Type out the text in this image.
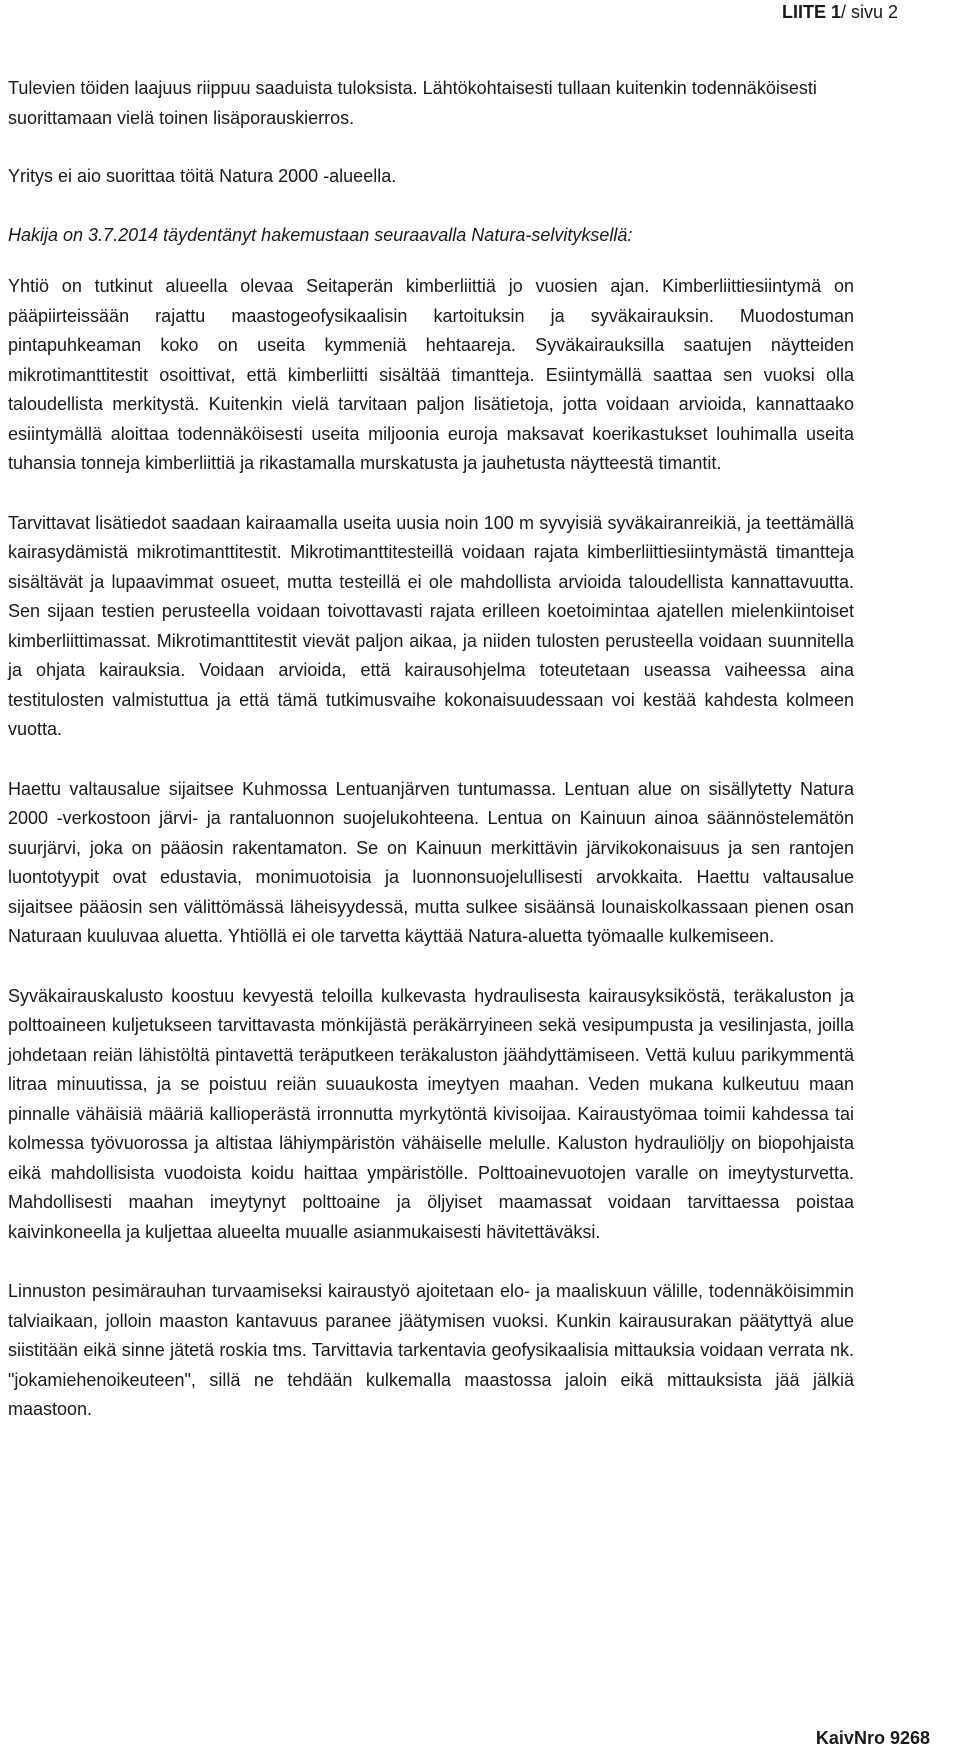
LIITE 1/ sivu 2

Tulevien töiden laajuus riippuu saaduista tuloksista. Lähtökohtaisesti tullaan kuitenkin todennäköisesti suorittamaan vielä toinen lisäporauskierros.

Yritys ei aio suorittaa töitä Natura 2000 -alueella.

Hakija on 3.7.2014 täydentänyt hakemustaan seuraavalla Natura-selvityksellä:

Yhtiö on tutkinut alueella olevaa Seitaperän kimberliittiä jo vuosien ajan. Kimberliittiesiintymä on pääpiirteissään rajattu maastogeofysikaalisin kartoituksin ja syväkairauksin. Muodostuman pintapuhkeaman koko on useita kymmeniä hehtaareja. Syväkairauksilla saatujen näytteiden mikrotimanttitestit osoittivat, että kimberliitti sisältää timantteja. Esiintymällä saattaa sen vuoksi olla taloudellista merkitystä. Kuitenkin vielä tarvitaan paljon lisätietoja, jotta voidaan arvioida, kannattaako esiintymällä aloittaa todennäköisesti useita miljoonia euroja maksavat koerikastukset louhimalla useita tuhansia tonneja kimberliittiä ja rikastamalla murskatusta ja jauhetusta näytteestä timantit.

Tarvittavat lisätiedot saadaan kairaamalla useita uusia noin 100 m syvyisiä syväkairanreikiä, ja teettämällä kairasydämistä mikrotimanttitestit. Mikrotimanttitesteillä voidaan rajata kimberliittiesiintymästä timantteja sisältävät ja lupaavimmat osueet, mutta testeillä ei ole mahdollista arvioida taloudellista kannattavuutta. Sen sijaan testien perusteella voidaan toivottavasti rajata erilleen koetoimintaa ajatellen mielenkiintoiset kimberliittimassat. Mikrotimanttitestit vievät paljon aikaa, ja niiden tulosten perusteella voidaan suunnitella ja ohjata kairauksia. Voidaan arvioida, että kairausohjelma toteutetaan useassa vaiheessa aina testitulosten valmistuttua ja että tämä tutkimusvaihe kokonaisuudessaan voi kestää kahdesta kolmeen vuotta.

Haettu valtausalue sijaitsee Kuhmossa Lentuanjärven tuntumassa. Lentuan alue on sisällytetty Natura 2000 -verkostoon järvi- ja rantaluonnon suojelukohteena. Lentua on Kainuun ainoa säännöstelemätön suurjärvi, joka on pääosin rakentamaton. Se on Kainuun merkittävin järvikokonaisuus ja sen rantojen luontotyypit ovat edustavia, monimuotoisia ja luonnonsuojelullisesti arvokkaita. Haettu valtausalue sijaitsee pääosin sen välittömässä läheisyydessä, mutta sulkee sisäänsä lounaiskolkassaan pienen osan Naturaan kuuluvaa aluetta. Yhtiöllä ei ole tarvetta käyttää Natura-aluetta työmaalle kulkemiseen.

Syväkairauskalusto koostuu kevyestä teloilla kulkevasta hydraulisesta kairausyksiköstä, teräkaluston ja polttoaineen kuljetukseen tarvittavasta mönkijästä peräkärryineen sekä vesipumpusta ja vesilinjasta, joilla johdetaan reiän lähistöltä pintavettä teräputkeen teräkaluston jäähdyttämiseen. Vettä kuluu parikymmentä litraa minuutissa, ja se poistuu reiän suuaukosta imeytyen maahan. Veden mukana kulkeutuu maan pinnalle vähäisiä määriä kallioperästä irronnutta myrkytöntä kivisoijaa. Kairaustyömaa toimii kahdessa tai kolmessa työvuorossa ja altistaa lähiympäristön vähäiselle melulle. Kaluston hydrauliöljy on biopohjaista eikä mahdollisista vuodoista koidu haittaa ympäristölle. Polttoainevuotojen varalle on imeytysturvetta. Mahdollisesti maahan imeytynyt polttoaine ja öljyiset maamassat voidaan tarvittaessa poistaa kaivinkoneella ja kuljettaa alueelta muualle asianmukaisesti hävitettäväksi.

Linnuston pesimärauhan turvaamiseksi kairaustyö ajoitetaan elo- ja maaliskuun välille, todennäköisimmin talviaikaan, jolloin maaston kantavuus paranee jäätymisen vuoksi. Kunkin kairausurakan päätyttyä alue siistitään eikä sinne jätetä roskia tms. Tarvittavia tarkentavia geofysikaalisia mittauksia voidaan verrata nk. "jokamiehenoikeuteen", sillä ne tehdään kulkemalla maastossa jaloin eikä mittauksista jää jälkiä maastoon.

KaivNro 9268
